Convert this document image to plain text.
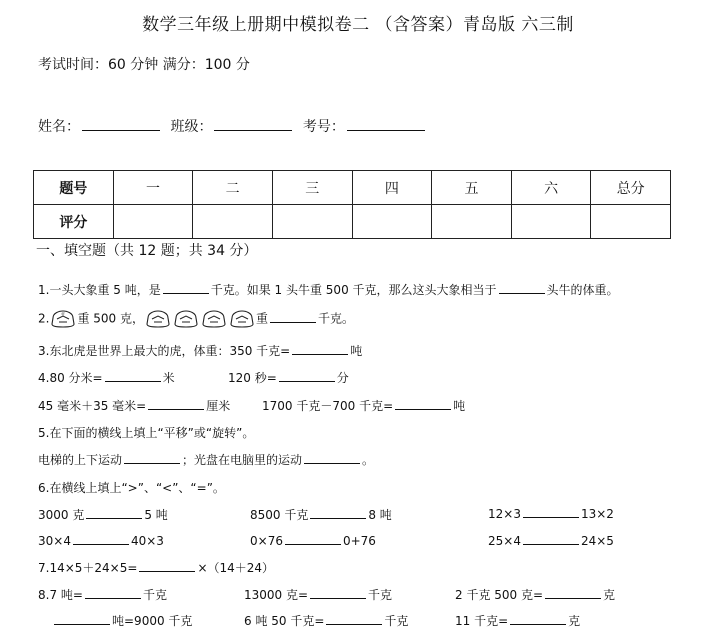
数学三年级上册期中模拟卷二 （含答案）青岛版 六三制
考试时间：60 分钟 满分：100 分
姓名：	班级：	考号：
题号	一	二	三	四	五	六	总分
评分							
一、填空题（共 12 题；共 34 分）
1.一头大象重 5 吨，是	千克。如果 1 头牛重 500 千克，那么这头大象相当于	头牛的体重。
2.	秤 重 500 克，	重	千克。
3.东北虎是世界上最大的虎，体重：350 千克=	吨
4.80 分米=	米	120 秒=	分
45 毫米＋35 毫米=	厘米	1700 千克－700 千克=	吨
5.在下面的横线上填上“平移”或“旋转”。
电梯的上下运动	；光盘在电脑里的运动	。
6.在横线上填上“>”、“<”、“=”。
3000 克	5 吨	8500 千克	8 吨	12×3	13×2
30×4	40×3	0×76	0+76	25×4	24×5
7.14×5＋24×5=	×（14＋24）
8.7 吨=	千克	13000 克=	千克	2 千克 500 克=	克
吨=9000 千克	6 吨 50 千克=	千克	11 千克=	克
